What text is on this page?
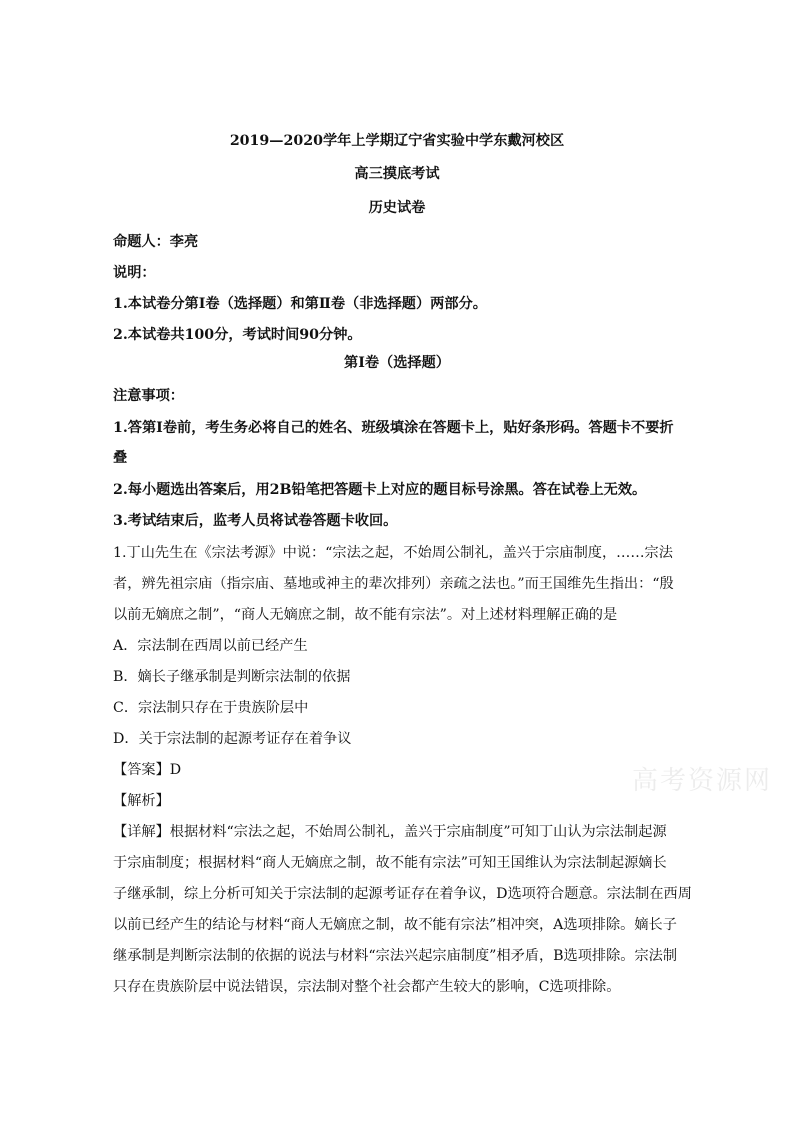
2019—2020学年上学期辽宁省实验中学东戴河校区
高三摸底考试
历史试卷
命题人：李亮
说明：
1.本试卷分第Ⅰ卷（选择题）和第Ⅱ卷（非选择题）两部分。
2.本试卷共100分，考试时间90分钟。
第Ⅰ卷（选择题）
注意事项：
1.答第Ⅰ卷前，考生务必将自己的姓名、班级填涂在答题卡上，贴好条形码。答题卡不要折
叠
2.每小题选出答案后，用2B铅笔把答题卡上对应的题目标号涂黑。答在试卷上无效。
3.考试结束后，监考人员将试卷答题卡收回。
1.丁山先生在《宗法考源》中说：“宗法之起，不始周公制礼，盖兴于宗庙制度，……宗法
者，辨先祖宗庙（指宗庙、墓地或神主的辈次排列）亲疏之法也。”而王国维先生指出：“殷
以前无嫡庶之制”，“商人无嫡庶之制，故不能有宗法”。对上述材料理解正确的是
A．宗法制在西周以前已经产生
B．嫡长子继承制是判断宗法制的依据
C．宗法制只存在于贵族阶层中
D．关于宗法制的起源考证存在着争议
【答案】D
【解析】
【详解】根据材料“宗法之起，不始周公制礼，盖兴于宗庙制度”可知丁山认为宗法制起源
于宗庙制度；根据材料“商人无嫡庶之制，故不能有宗法”可知王国维认为宗法制起源嫡长
子继承制，综上分析可知关于宗法制的起源考证存在着争议，D选项符合题意。宗法制在西周
以前已经产生的结论与材料“商人无嫡庶之制，故不能有宗法”相冲突，A选项排除。嫡长子
继承制是判断宗法制的依据的说法与材料“宗法兴起宗庙制度”相矛盾，B选项排除。宗法制
只存在贵族阶层中说法错误，宗法制对整个社会都产生较大的影响，C选项排除。
高考资源网
